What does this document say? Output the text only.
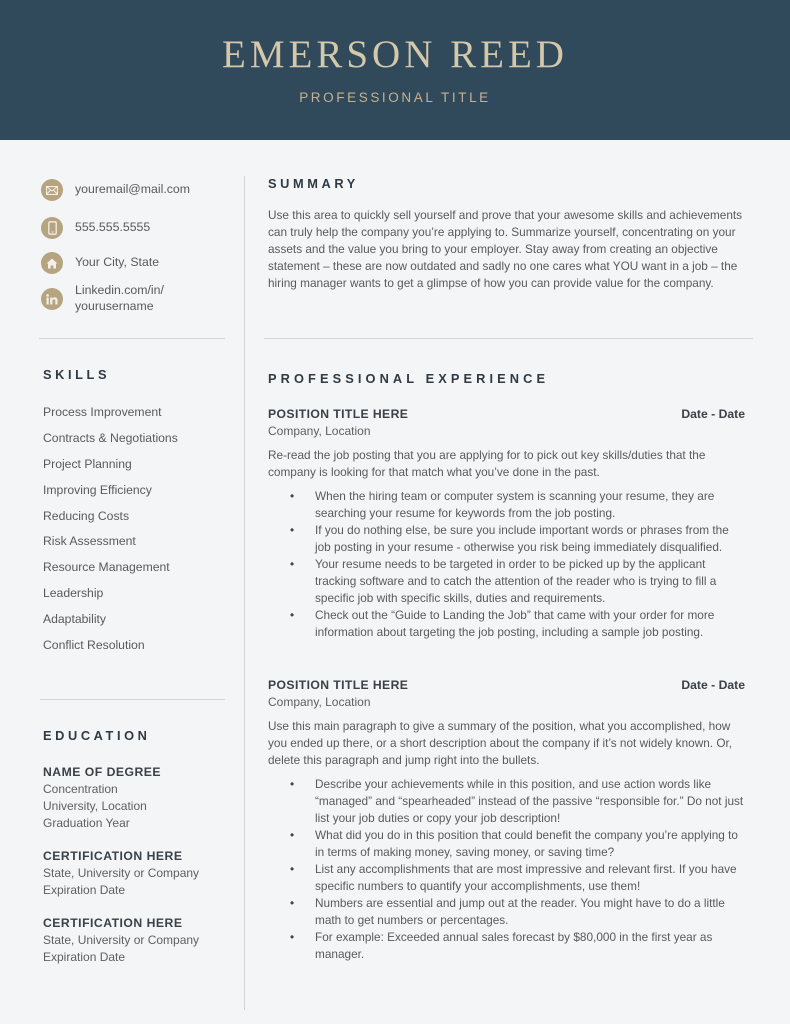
EMERSON REED
PROFESSIONAL TITLE
youremail@mail.com
555.555.5555
Your City, State
Linkedin.com/in/
yourusername
SKILLS
Process Improvement
Contracts & Negotiations
Project Planning
Improving Efficiency
Reducing Costs
Risk Assessment
Resource Management
Leadership
Adaptability
Conflict Resolution
EDUCATION
NAME OF DEGREE
Concentration
University, Location
Graduation Year
CERTIFICATION HERE
State, University or Company
Expiration Date
CERTIFICATION HERE
State, University or Company
Expiration Date
SUMMARY
Use this area to quickly sell yourself and prove that your awesome skills and achievements can truly help the company you’re applying to. Summarize yourself, concentrating on your assets and the value you bring to your employer. Stay away from creating an objective statement – these are now outdated and sadly no one cares what YOU want in a job – the hiring manager wants to get a glimpse of how you can provide value for the company.
PROFESSIONAL EXPERIENCE
POSITION TITLE HERE	Date - Date
Company, Location
Re-read the job posting that you are applying for to pick out key skills/duties that the company is looking for that match what you’ve done in the past.
• When the hiring team or computer system is scanning your resume, they are searching your resume for keywords from the job posting.
• If you do nothing else, be sure you include important words or phrases from the job posting in your resume - otherwise you risk being immediately disqualified.
• Your resume needs to be targeted in order to be picked up by the applicant tracking software and to catch the attention of the reader who is trying to fill a specific job with specific skills, duties and requirements.
• Check out the “Guide to Landing the Job” that came with your order for more information about targeting the job posting, including a sample job posting.
POSITION TITLE HERE	Date - Date
Company, Location
Use this main paragraph to give a summary of the position, what you accomplished, how you ended up there, or a short description about the company if it’s not widely known. Or, delete this paragraph and jump right into the bullets.
• Describe your achievements while in this position, and use action words like “managed” and “spearheaded” instead of the passive “responsible for.” Do not just list your job duties or copy your job description!
• What did you do in this position that could benefit the company you’re applying to in terms of making money, saving money, or saving time?
• List any accomplishments that are most impressive and relevant first. If you have specific numbers to quantify your accomplishments, use them!
• Numbers are essential and jump out at the reader. You might have to do a little math to get numbers or percentages.
• For example: Exceeded annual sales forecast by $80,000 in the first year as manager.
